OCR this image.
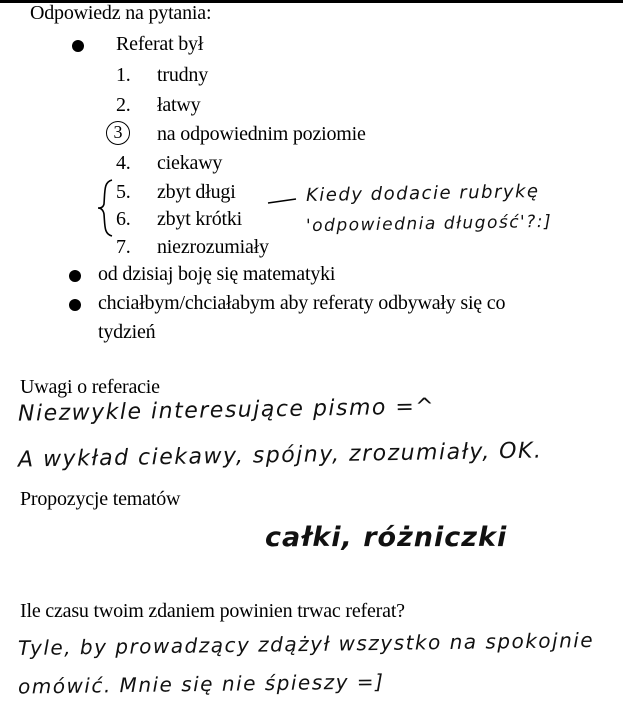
Odpowiedz na pytania:
Referat był
1.	trudny
2.	łatwy
3	na odpowiednim poziomie
4.	ciekawy
5.	zbyt długi
6.	zbyt krótki
7.	niezrozumiały
Kiedy dodacie rubrykę
'odpowiednia długość'?:]
od dzisiaj boję się matematyki
chciałbym/chciałabym aby referaty odbywały się co
tydzień
Uwagi o referacie
Niezwykle interesujące pismo =^
A wykład ciekawy, spójny, zrozumiały, OK.
Propozycje tematów
całki, różniczki
Ile czasu twoim zdaniem powinien trwac referat?
Tyle, by prowadzący zdążył wszystko na spokojnie
omówić. Mnie się nie śpieszy =]
